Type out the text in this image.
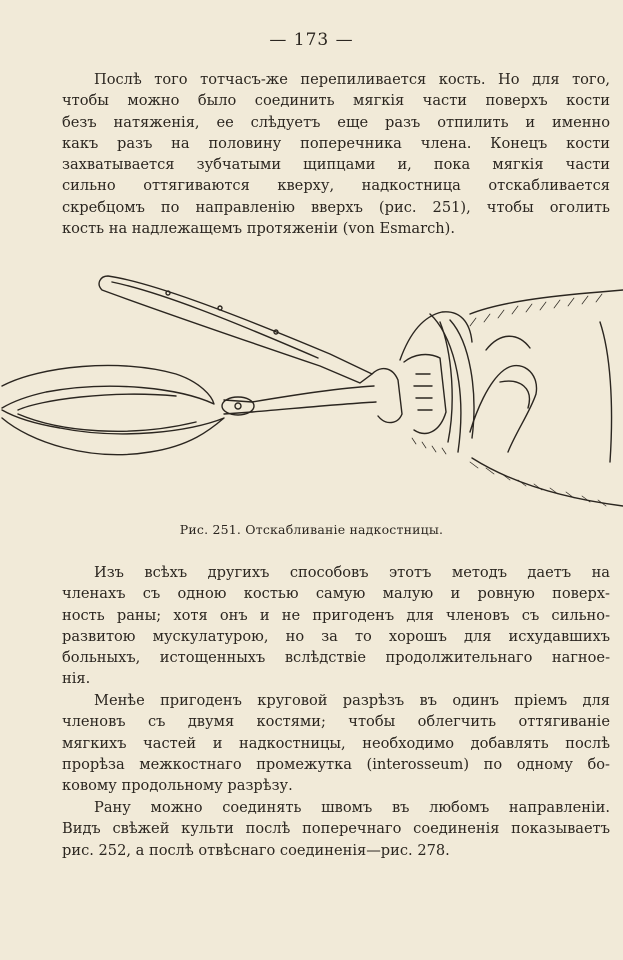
— 173 —
Послѣ того тотчасъ-же перепиливается кость. Но для того,
чтобы можно было соединить мягкія части поверхъ кости
безъ натяженія, ее слѣдуетъ еще разъ отпилить и именно
какъ разъ на половину поперечника члена. Конецъ кости
захватывается зубчатыми щипцами и, пока мягкія части
сильно оттягиваются кверху, надкостница отскабливается
скребцомъ по направленію вверхъ (рис. 251), чтобы оголить
кость на надлежащемъ протяженіи (von Esmarch).
Рис. 251. Отскабливаніе надкостницы.
Изъ всѣхъ другихъ способовъ этотъ методъ даетъ на
членахъ съ одною костью самую малую и ровную поверх-
ность раны; хотя онъ и не пригоденъ для членовъ съ сильно-
развитою мускулатурою, но за то хорошъ для исхудавшихъ
больныхъ, истощенныхъ вслѣдствіе продолжительнаго нагное-
нія.
Менѣе пригоденъ круговой разрѣзъ въ одинъ пріемъ для
членовъ съ двумя костями; чтобы облегчить оттягиваніе
мягкихъ частей и надкостницы, необходимо добавлять послѣ
прорѣза межкостнаго промежутка (interosseum) по одному бо-
ковому продольному разрѣзу.
Рану можно соединять швомъ въ любомъ направленіи.
Видъ свѣжей культи послѣ поперечнаго соединенія показываетъ
рис. 252, а послѣ отвѣснаго соединенія—рис. 278.
